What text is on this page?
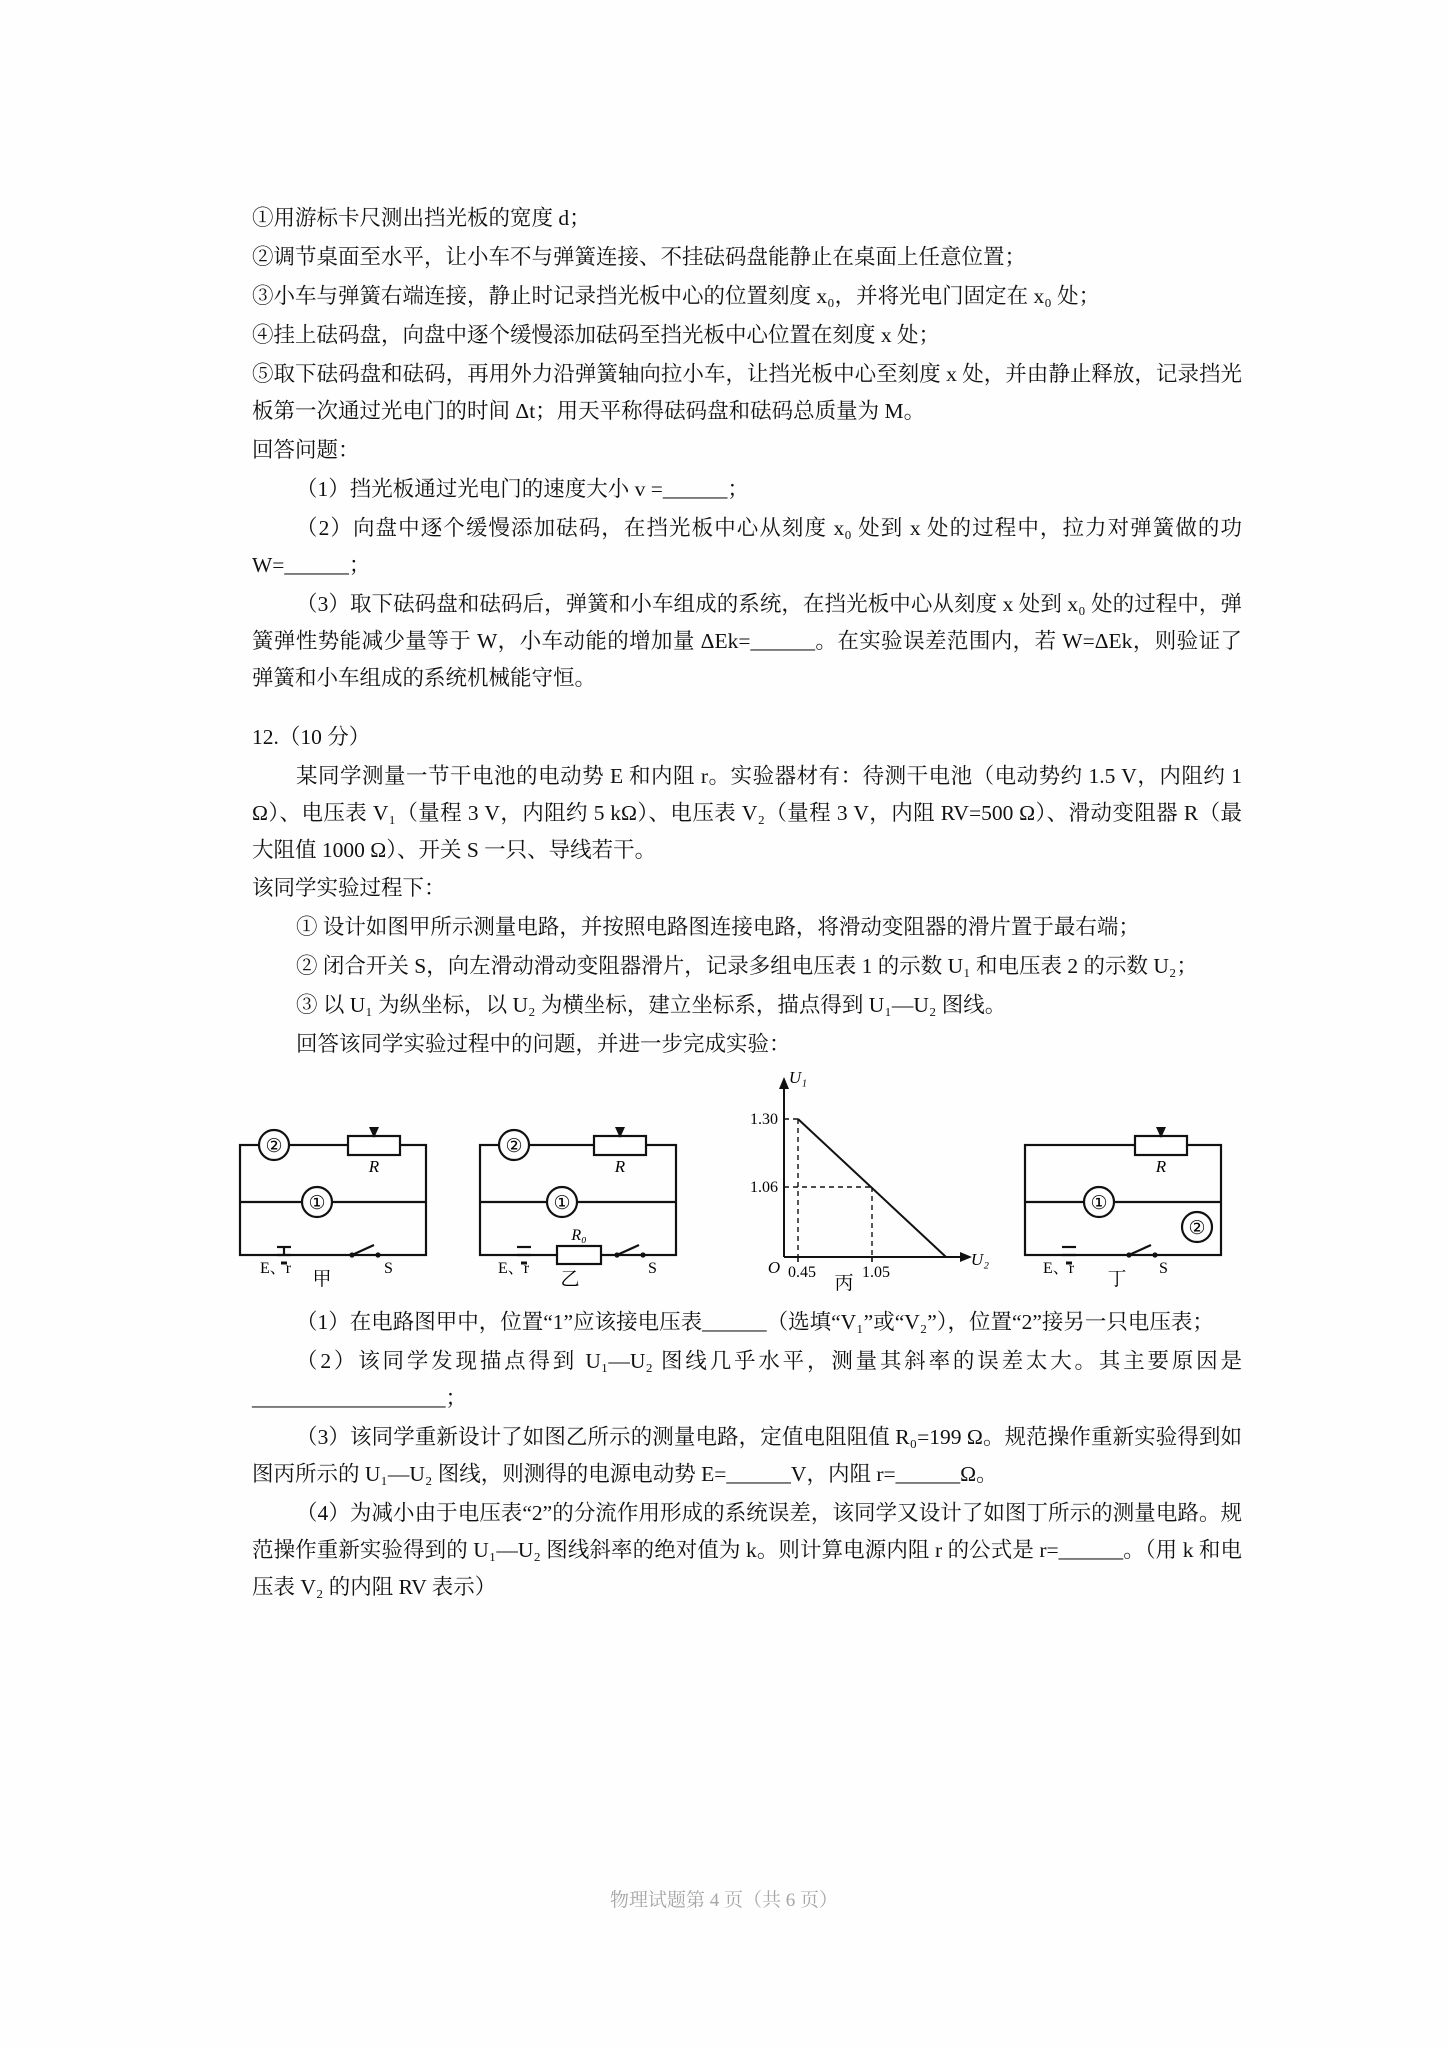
①用游标卡尺测出挡光板的宽度 d；

②调节桌面至水平，让小车不与弹簧连接、不挂砝码盘能静止在桌面上任意位置；

③小车与弹簧右端连接，静止时记录挡光板中心的位置刻度 x₀，并将光电门固定在 x₀ 处；

④挂上砝码盘，向盘中逐个缓慢添加砝码至挡光板中心位置在刻度 x 处；

⑤取下砝码盘和砝码，再用外力沿弹簧轴向拉小车，让挡光板中心至刻度 x 处，并由静止释放，记录挡光板第一次通过光电门的时间 Δt；用天平称得砝码盘和砝码总质量为 M。

回答问题：

（1）挡光板通过光电门的速度大小 v =______；

（2）向盘中逐个缓慢添加砝码，在挡光板中心从刻度 x₀ 处到 x 处的过程中，拉力对弹簧做的功 W=______；

（3）取下砝码盘和砝码后，弹簧和小车组成的系统，在挡光板中心从刻度 x 处到 x₀ 处的过程中，弹簧弹性势能减少量等于 W，小车动能的增加量 ΔEk=______。在实验误差范围内，若 W=ΔEk，则验证了弹簧和小车组成的系统机械能守恒。

12.（10 分）

某同学测量一节干电池的电动势 E 和内阻 r。实验器材有：待测干电池（电动势约 1.5 V，内阻约 1 Ω）、电压表 V₁（量程 3 V，内阻约 5 kΩ）、电压表 V₂（量程 3 V，内阻 RV=500 Ω）、滑动变阻器 R（最大阻值 1000 Ω）、开关 S 一只、导线若干。

该同学实验过程下：

① 设计如图甲所示测量电路，并按照电路图连接电路，将滑动变阻器的滑片置于最右端；

② 闭合开关 S，向左滑动滑动变阻器滑片，记录多组电压表 1 的示数 U₁ 和电压表 2 的示数 U₂；

③ 以 U₁ 为纵坐标，以 U₂ 为横坐标，建立坐标系，描点得到 U₁—U₂ 图线。

回答该同学实验过程中的问题，并进一步完成实验：

②
①
R
E、r	S
甲
②
①
R
R₀
E、r	S
乙
U₁
1.30
1.06
O 0.45	1.05
U₂
丙
①
②
R
E、r	S
丁

（1）在电路图甲中，位置“1”应该接电压表______（选填“V₁”或“V₂”），位置“2”接另一只电压表；

（2）该同学发现描点得到 U₁—U₂ 图线几乎水平，测量其斜率的误差太大。其主要原因是__________________；

（3）该同学重新设计了如图乙所示的测量电路，定值电阻阻值 R₀=199 Ω。规范操作重新实验得到如图丙所示的 U₁—U₂ 图线，则测得的电源电动势 E=______V，内阻 r=______Ω。

（4）为减小由于电压表“2”的分流作用形成的系统误差，该同学又设计了如图丁所示的测量电路。规范操作重新实验得到的 U₁—U₂ 图线斜率的绝对值为 k。则计算电源内阻 r 的公式是 r=______。（用 k 和电压表 V₂ 的内阻 RV 表示）

物理试题第 4 页（共 6 页）
